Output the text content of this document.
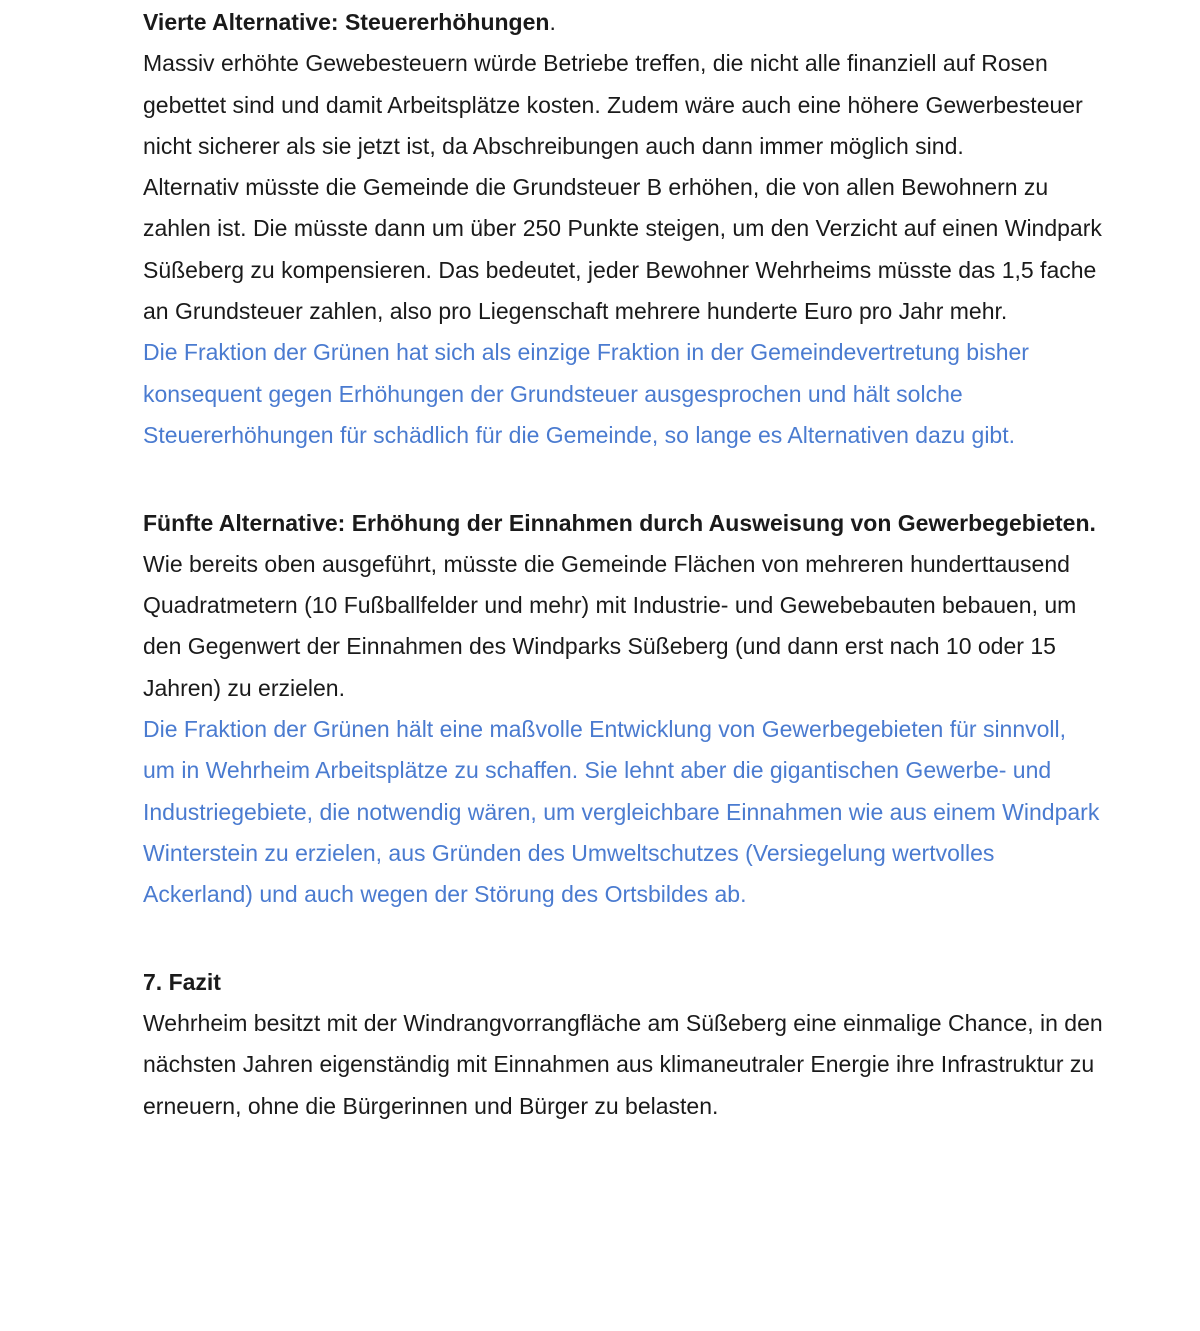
Vierte Alternative: Steuererhöhungen.

Massiv erhöhte Gewebesteuern würde Betriebe treffen, die nicht alle finanziell auf Rosen gebettet sind und damit Arbeitsplätze kosten. Zudem wäre auch eine höhere Gewerbesteuer nicht sicherer als sie jetzt ist, da Abschreibungen auch dann immer möglich sind.

Alternativ müsste die Gemeinde die Grundsteuer B erhöhen, die von allen Bewohnern zu zahlen ist. Die müsste dann um über 250 Punkte steigen, um den Verzicht auf einen Windpark Süßeberg zu kompensieren. Das bedeutet, jeder Bewohner Wehrheims müsste das 1,5 fache an Grundsteuer zahlen, also pro Liegenschaft mehrere hunderte Euro pro Jahr mehr.

Die Fraktion der Grünen hat sich als einzige Fraktion in der Gemeindevertretung bisher konsequent gegen Erhöhungen der Grundsteuer ausgesprochen und hält solche Steuererhöhungen für schädlich für die Gemeinde, so lange es Alternativen dazu gibt.

Fünfte Alternative: Erhöhung der Einnahmen durch Ausweisung von Gewerbegebieten.

Wie bereits oben ausgeführt, müsste die Gemeinde Flächen von mehreren hunderttausend Quadratmetern (10 Fußballfelder und mehr) mit Industrie- und Gewebebauten bebauen, um den Gegenwert der Einnahmen des Windparks Süßeberg (und dann erst nach 10 oder 15 Jahren) zu erzielen.

Die Fraktion der Grünen hält eine maßvolle Entwicklung von Gewerbegebieten für sinnvoll, um in Wehrheim Arbeitsplätze zu schaffen. Sie lehnt aber die gigantischen Gewerbe- und Industriegebiete, die notwendig wären, um vergleichbare Einnahmen wie aus einem Windpark Winterstein zu erzielen, aus Gründen des Umweltschutzes (Versiegelung wertvolles Ackerland) und auch wegen der Störung des Ortsbildes ab.

7. Fazit

Wehrheim besitzt mit der Windrangvorrangfläche am Süßeberg eine einmalige Chance, in den nächsten Jahren eigenständig mit Einnahmen aus klimaneutraler Energie ihre Infrastruktur zu erneuern, ohne die Bürgerinnen und Bürger zu belasten.
